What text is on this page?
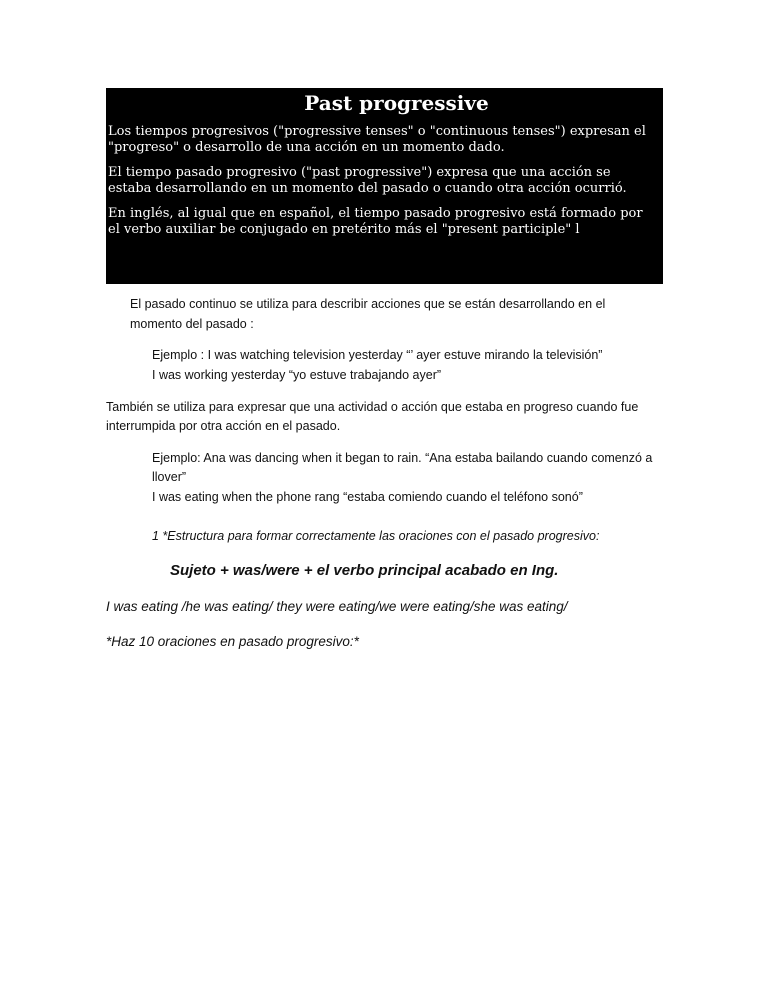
Past progressive

Los tiempos progresivos ("progressive tenses" o "continuous tenses") expresan el "progreso" o desarrollo de una acción en un momento dado.

El tiempo pasado progresivo ("past progressive") expresa que una acción se estaba desarrollando en un momento del pasado o cuando otra acción ocurrió.

En inglés, al igual que en español, el tiempo pasado progresivo está formado por el verbo auxiliar be conjugado en pretérito más el "present participle" l

El pasado continuo se utiliza para describir acciones que se están desarrollando en el

momento del pasado :

Ejemplo : I was watching television yesterday “’ ayer estuve mirando la televisión”

I was working yesterday “yo estuve trabajando ayer”

También se utiliza para expresar que una actividad o acción que estaba en progreso cuando fue

interrumpida por otra acción en el pasado.

Ejemplo: Ana was dancing when it began to rain. “Ana estaba bailando cuando comenzó a

llover”

I was eating when the phone rang “estaba comiendo cuando el teléfono sonó”

1 *Estructura para formar correctamente las oraciones con el pasado progresivo:

Sujeto + was/were + el verbo principal acabado en Ing.

I was eating /he was eating/ they were eating/we were eating/she was eating/

*Haz 10 oraciones en pasado progresivo:*
